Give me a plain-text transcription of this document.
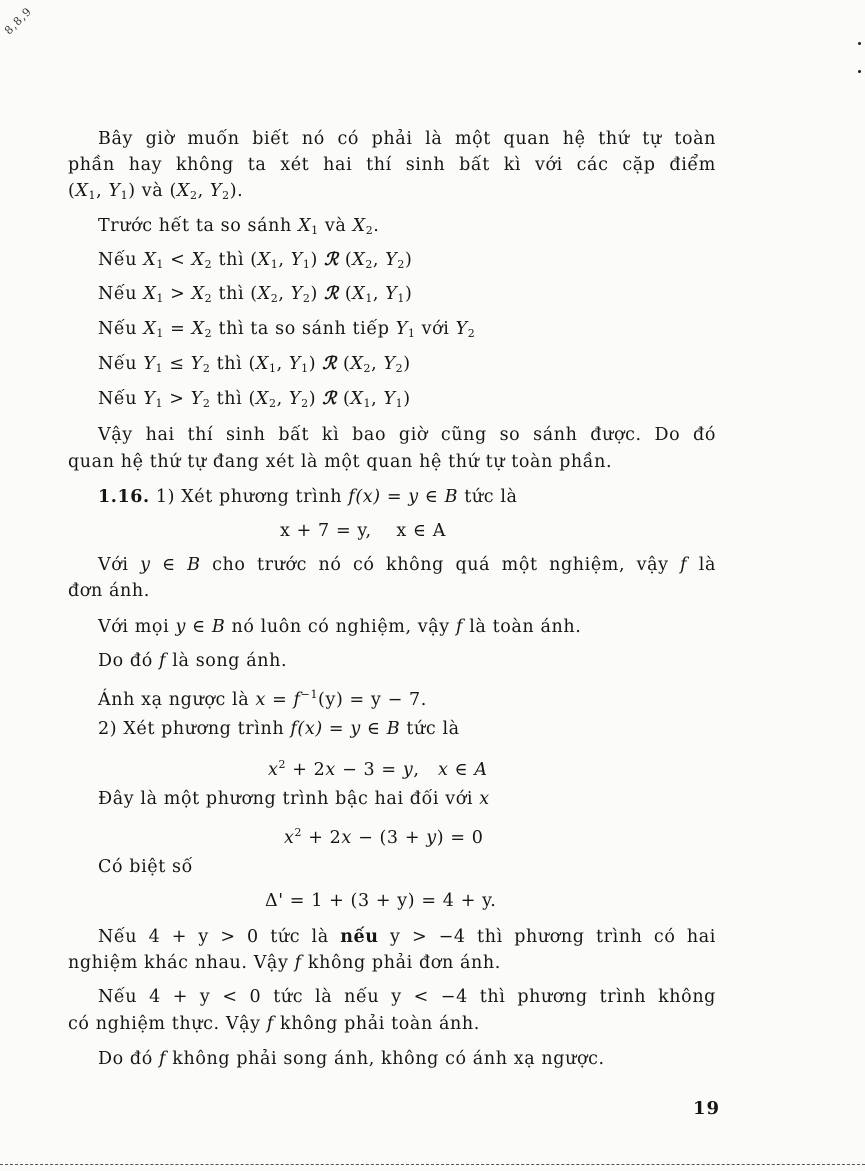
8,8,9
Bây giờ muốn biết nó có phải là một quan hệ thứ tự toàn
phần hay không ta xét hai thí sinh bất kì với các cặp điểm
($X_1$, $Y_1$) và ($X_2$, $Y_2$).
Trước hết ta so sánh $X_1$ và $X_2$.
Nếu $X_1 < X_2$ thì ($X_1$, $Y_1$) ℛ ($X_2$, $Y_2$)
Nếu $X_1 > X_2$ thì ($X_2$, $Y_2$) ℛ ($X_1$, $Y_1$)
Nếu $X_1 = X_2$ thì ta so sánh tiếp $Y_1$ với $Y_2$
Nếu $Y_1 \le Y_2$ thì ($X_1$, $Y_1$) ℛ ($X_2$, $Y_2$)
Nếu $Y_1 > Y_2$ thì ($X_2$, $Y_2$) ℛ ($X_1$, $Y_1$)
Vậy hai thí sinh bất kì bao giờ cũng so sánh được. Do đó
quan hệ thứ tự đang xét là một quan hệ thứ tự toàn phần.
1.16. 1) Xét phương trình f(x) = y ∈ B tức là
x + 7 = y, x ∈ A
Với y ∈ B cho trước nó có không quá một nghiệm, vậy f là
đơn ánh.
Với mọi y ∈ B nó luôn có nghiệm, vậy f là toàn ánh.
Do đó f là song ánh.
Ánh xạ ngược là $x = f^{-1}(y) = y - 7$.
2) Xét phương trình f(x) = y ∈ B tức là
$x^2 + 2x - 3 = y$,   x ∈ A
Đây là một phương trình bậc hai đối với x
$x^2 + 2x - (3 + y) = 0$
Có biệt số
Δ' = 1 + (3 + y) = 4 + y.
Nếu 4 + y > 0 tức là nếu y > −4 thì phương trình có hai
nghiệm khác nhau. Vậy f không phải đơn ánh.
Nếu 4 + y < 0 tức là nếu y < −4 thì phương trình không
có nghiệm thực. Vậy f không phải toàn ánh.
Do đó f không phải song ánh, không có ánh xạ ngược.
19
